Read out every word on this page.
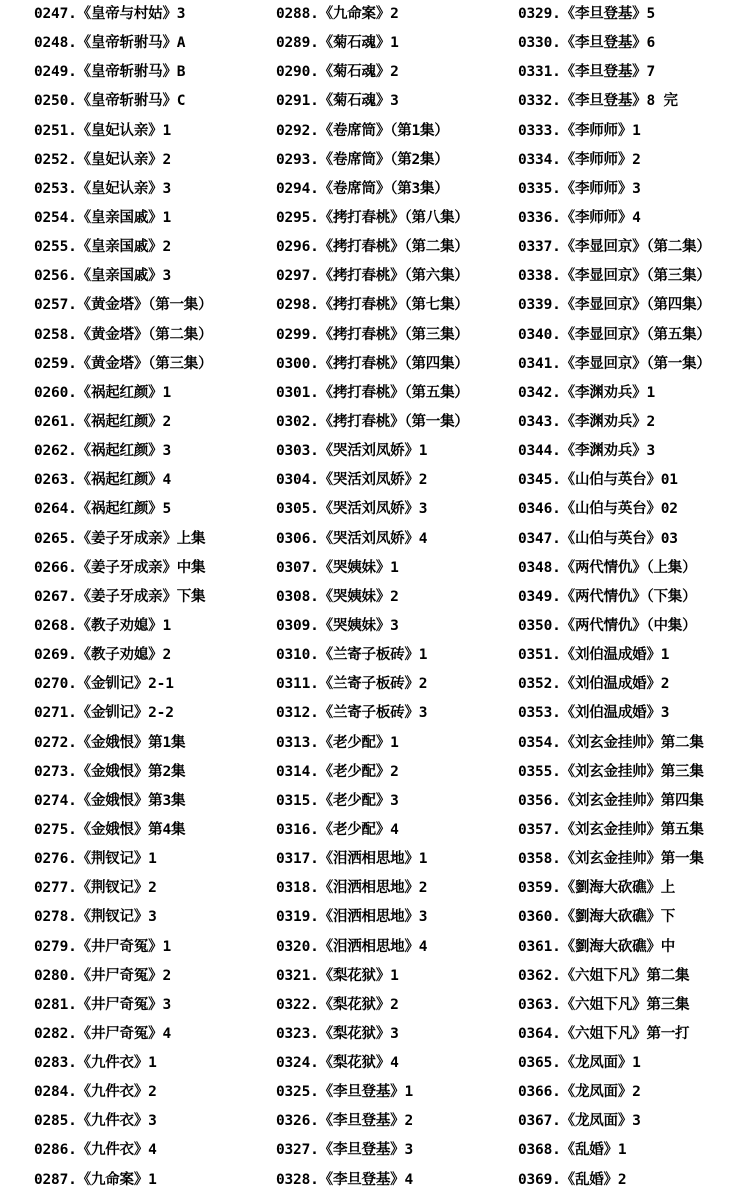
0247.《皇帝与村姑》3
0248.《皇帝斩驸马》A
0249.《皇帝斩驸马》B
0250.《皇帝斩驸马》C
0251.《皇妃认亲》1
0252.《皇妃认亲》2
0253.《皇妃认亲》3
0254.《皇亲国戚》1
0255.《皇亲国戚》2
0256.《皇亲国戚》3
0257.《黄金塔》（第一集）
0258.《黄金塔》（第二集）
0259.《黄金塔》（第三集）
0260.《祸起红颜》1
0261.《祸起红颜》2
0262.《祸起红颜》3
0263.《祸起红颜》4
0264.《祸起红颜》5
0265.《姜子牙成亲》上集
0266.《姜子牙成亲》中集
0267.《姜子牙成亲》下集
0268.《教子劝媳》1
0269.《教子劝媳》2
0270.《金钏记》2-1
0271.《金钏记》2-2
0272.《金娥恨》第1集
0273.《金娥恨》第2集
0274.《金娥恨》第3集
0275.《金娥恨》第4集
0276.《荆钗记》1
0277.《荆钗记》2
0278.《荆钗记》3
0279.《井尸奇冤》1
0280.《井尸奇冤》2
0281.《井尸奇冤》3
0282.《井尸奇冤》4
0283.《九件衣》1
0284.《九件衣》2
0285.《九件衣》3
0286.《九件衣》4
0287.《九命案》1
0288.《九命案》2
0289.《菊石魂》1
0290.《菊石魂》2
0291.《菊石魂》3
0292.《卷席筒》（第1集）
0293.《卷席筒》（第2集）
0294.《卷席筒》（第3集）
0295.《拷打春桃》（第八集）
0296.《拷打春桃》（第二集）
0297.《拷打春桃》（第六集）
0298.《拷打春桃》（第七集）
0299.《拷打春桃》（第三集）
0300.《拷打春桃》（第四集）
0301.《拷打春桃》（第五集）
0302.《拷打春桃》（第一集）
0303.《哭活刘凤娇》1
0304.《哭活刘凤娇》2
0305.《哭活刘凤娇》3
0306.《哭活刘凤娇》4
0307.《哭姨妹》1
0308.《哭姨妹》2
0309.《哭姨妹》3
0310.《兰寄子板砖》1
0311.《兰寄子板砖》2
0312.《兰寄子板砖》3
0313.《老少配》1
0314.《老少配》2
0315.《老少配》3
0316.《老少配》4
0317.《泪洒相思地》1
0318.《泪洒相思地》2
0319.《泪洒相思地》3
0320.《泪洒相思地》4
0321.《梨花狱》1
0322.《梨花狱》2
0323.《梨花狱》3
0324.《梨花狱》4
0325.《李旦登基》1
0326.《李旦登基》2
0327.《李旦登基》3
0328.《李旦登基》4
0329.《李旦登基》5
0330.《李旦登基》6
0331.《李旦登基》7
0332.《李旦登基》8 完
0333.《李师师》1
0334.《李师师》2
0335.《李师师》3
0336.《李师师》4
0337.《李显回京》（第二集）
0338.《李显回京》（第三集）
0339.《李显回京》（第四集）
0340.《李显回京》（第五集）
0341.《李显回京》（第一集）
0342.《李渊劝兵》1
0343.《李渊劝兵》2
0344.《李渊劝兵》3
0345.《山伯与英台》01
0346.《山伯与英台》02
0347.《山伯与英台》03
0348.《两代情仇》（上集）
0349.《两代情仇》（下集）
0350.《两代情仇》（中集）
0351.《刘伯温成婚》1
0352.《刘伯温成婚》2
0353.《刘伯温成婚》3
0354.《刘玄金挂帅》第二集
0355.《刘玄金挂帅》第三集
0356.《刘玄金挂帅》第四集
0357.《刘玄金挂帅》第五集
0358.《刘玄金挂帅》第一集
0359.《劉海大砍礁》上
0360.《劉海大砍礁》下
0361.《劉海大砍礁》中
0362.《六姐下凡》第二集
0363.《六姐下凡》第三集
0364.《六姐下凡》第一打
0365.《龙凤面》1
0366.《龙凤面》2
0367.《龙凤面》3
0368.《乱婚》1
0369.《乱婚》2
